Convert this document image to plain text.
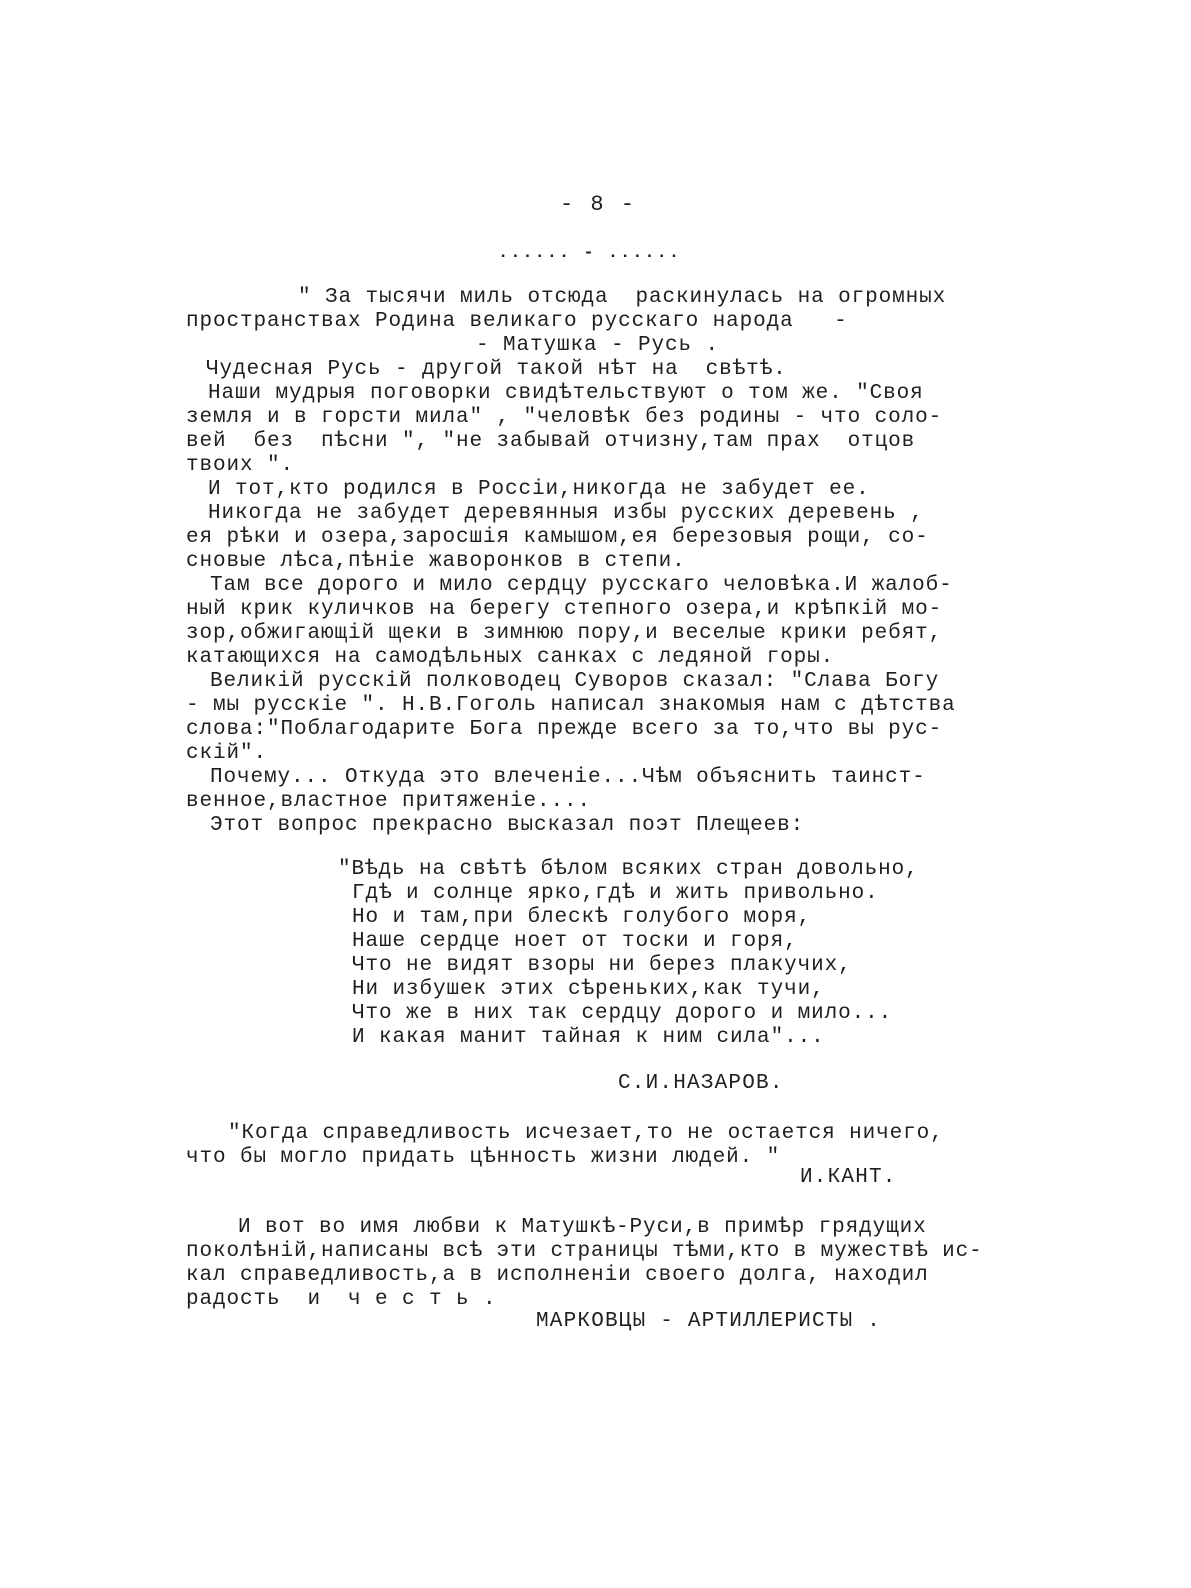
- 8 -
...... - ......
" За тысячи миль отсюда  раскинулась на огромных
пространствах Родина великаго русскаго народа   -
- Матушка - Русь .
Чудесная Русь - другой такой нѣт на  свѣтѣ.
Наши мудрыя поговорки свидѣтельствуют о том же. "Своя
земля и в горсти мила" , "человѣк без родины - что соло-
вей  без  пѣсни ", "не забывай отчизну,там прах  отцов
твоих ".
И тот,кто родился в Россіи,никогда не забудет ее.
Никогда не забудет деревянныя избы русских деревень ,
ея рѣки и озера,заросшія камышом,ея березовыя рощи, со-
сновые лѣса,пѣніе жаворонков в степи.
Там все дорого и мило сердцу русскаго человѣка.И жалоб-
ный крик куличков на берегу степного озера,и крѣпкій мо-
зор,обжигающій щеки в зимнюю пору,и веселые крики ребят,
катающихся на самодѣльных санках с ледяной горы.
Великій русскій полководец Суворов сказал: "Слава Богу
- мы русскіе ". Н.В.Гоголь написал знакомыя нам с дѣтства
слова:"Поблагодарите Бога прежде всего за то,что вы рус-
скій".
Почему... Откуда это влеченіе...Чѣм объяснить таинст-
венное,властное притяженіе....
Этот вопрос прекрасно высказал поэт Плещеев:
"Вѣдь на свѣтѣ бѣлом всяких стран довольно,
Гдѣ и солнце ярко,гдѣ и жить привольно.
Но и там,при блескѣ голубого моря,
Наше сердце ноет от тоски и горя,
Что не видят взоры ни берез плакучих,
Ни избушек этих сѣреньких,как тучи,
Что же в них так сердцу дорого и мило...
И какая манит тайная к ним сила"...
С.И.НАЗАРОВ.
"Когда справедливость исчезает,то не остается ничего,
что бы могло придать цѣнность жизни людей. "
И.КАНТ.
И вот во имя любви к Матушкѣ-Руси,в примѣр грядущих
поколѣній,написаны всѣ эти страницы тѣми,кто в мужествѣ ис-
кал справедливость,а в исполненіи своего долга, находил
радость  и  ч е с т ь .
МАРКОВЦЫ - АРТИЛЛЕРИСТЫ .
